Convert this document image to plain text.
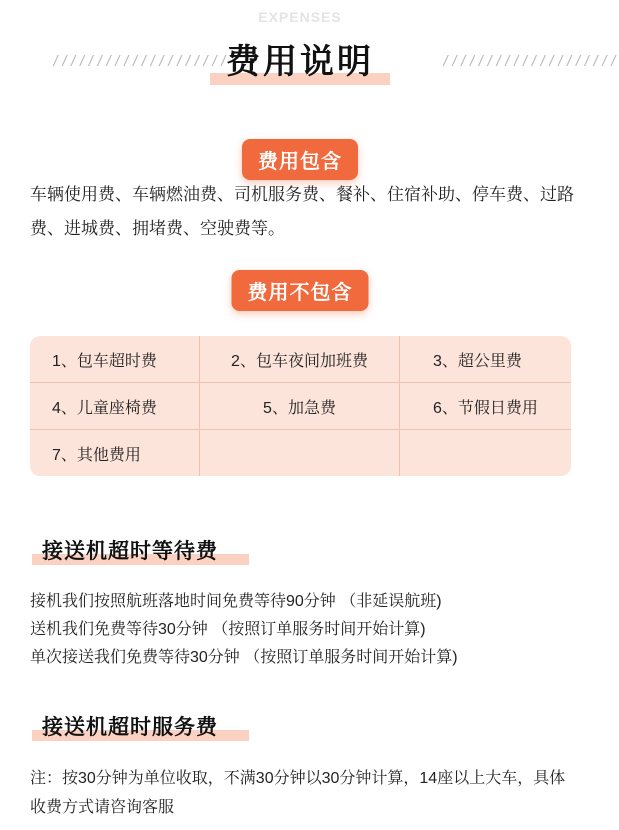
EXPENSES
////////////////////	////////////////////
费用说明
费用包含
车辆使用费、车辆燃油费、司机服务费、餐补、住宿补助、停车费、过路费、进城费、拥堵费、空驶费等。
费用不包含
1、包车超时费	2、包车夜间加班费	3、超公里费
4、儿童座椅费	5、加急费	6、节假日费用
7、其他费用
接送机超时等待费

接机我们按照航班落地时间免费等待90分钟 （非延误航班)

送机我们免费等待30分钟 （按照订单服务时间开始计算)

单次接送我们免费等待30分钟 （按照订单服务时间开始计算)

接送机超时服务费
注：按30分钟为单位收取，不满30分钟以30分钟计算，14座以上大车，具体收费方式请咨询客服
